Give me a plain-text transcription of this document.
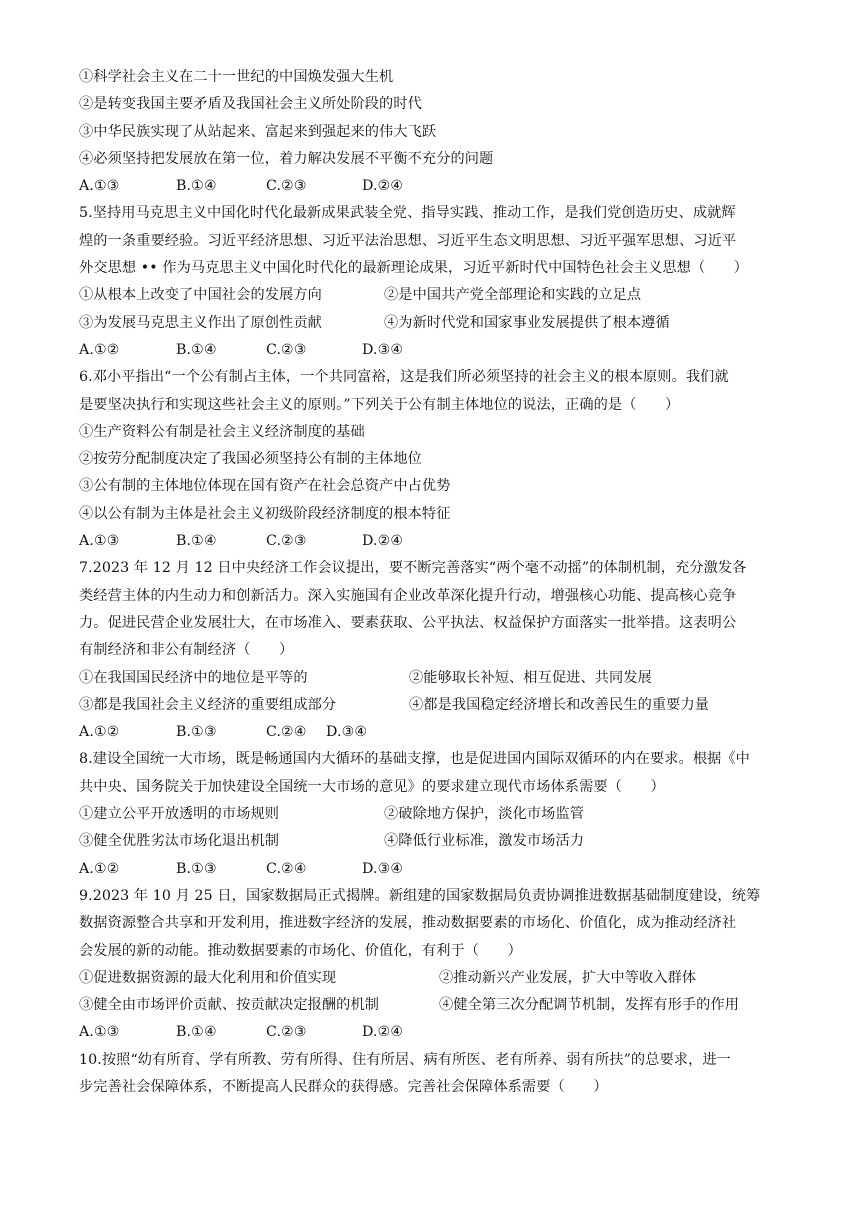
①科学社会主义在二十一世纪的中国焕发强大生机
②是转变我国主要矛盾及我国社会主义所处阶段的时代
③中华民族实现了从站起来、富起来到强起来的伟大飞跃
④必须坚持把发展放在第一位，着力解决发展不平衡不充分的问题
A.①③	B.①④	C.②③	D.②④
5.坚持用马克思主义中国化时代化最新成果武装全党、指导实践、推动工作，是我们党创造历史、成就辉
煌的一条重要经验。习近平经济思想、习近平法治思想、习近平生态文明思想、习近平强军思想、习近平
外交思想 •• 作为马克思主义中国化时代化的最新理论成果，习近平新时代中国特色社会主义思想（　　）
①从根本上改变了中国社会的发展方向	②是中国共产党全部理论和实践的立足点
③为发展马克思主义作出了原创性贡献	④为新时代党和国家事业发展提供了根本遵循
A.①②	B.①④	C.②③	D.③④
6.邓小平指出“一个公有制占主体，一个共同富裕，这是我们所必须坚持的社会主义的根本原则。我们就
是要坚决执行和实现这些社会主义的原则。”下列关于公有制主体地位的说法，正确的是（　　）
①生产资料公有制是社会主义经济制度的基础
②按劳分配制度决定了我国必须坚持公有制的主体地位
③公有制的主体地位体现在国有资产在社会总资产中占优势
④以公有制为主体是社会主义初级阶段经济制度的根本特征
A.①③	B.①④	C.②③	D.②④
7.2023 年 12 月 12 日中央经济工作会议提出，要不断完善落实“两个毫不动摇”的体制机制，充分激发各
类经营主体的内生动力和创新活力。深入实施国有企业改革深化提升行动，增强核心功能、提高核心竞争
力。促进民营企业发展壮大，在市场准入、要素获取、公平执法、权益保护方面落实一批举措。这表明公
有制经济和非公有制经济（　　）
①在我国国民经济中的地位是平等的	②能够取长补短、相互促进、共同发展
③都是我国社会主义经济的重要组成部分	④都是我国稳定经济增长和改善民生的重要力量
A.①②	B.①③	C.②④ D.③④
8.建设全国统一大市场，既是畅通国内大循环的基础支撑，也是促进国内国际双循环的内在要求。根据《中
共中央、国务院关于加快建设全国统一大市场的意见》的要求建立现代市场体系需要（　　）
①建立公平开放透明的市场规则	②破除地方保护，淡化市场监管
③健全优胜劣汰市场化退出机制	④降低行业标准，激发市场活力
A.①②	B.①③	C.②④	D.③④
9.2023 年 10 月 25 日，国家数据局正式揭牌。新组建的国家数据局负责协调推进数据基础制度建设，统筹
数据资源整合共享和开发利用，推进数字经济的发展，推动数据要素的市场化、价值化，成为推动经济社
会发展的新的动能。推动数据要素的市场化、价值化，有利于（　　）
①促进数据资源的最大化利用和价值实现	②推动新兴产业发展，扩大中等收入群体
③健全由市场评价贡献、按贡献决定报酬的机制	④健全第三次分配调节机制，发挥有形手的作用
A.①③	B.①④	C.②③	D.②④
10.按照“幼有所育、学有所教、劳有所得、住有所居、病有所医、老有所养、弱有所扶”的总要求，进一
步完善社会保障体系，不断提高人民群众的获得感。完善社会保障体系需要（　　）
